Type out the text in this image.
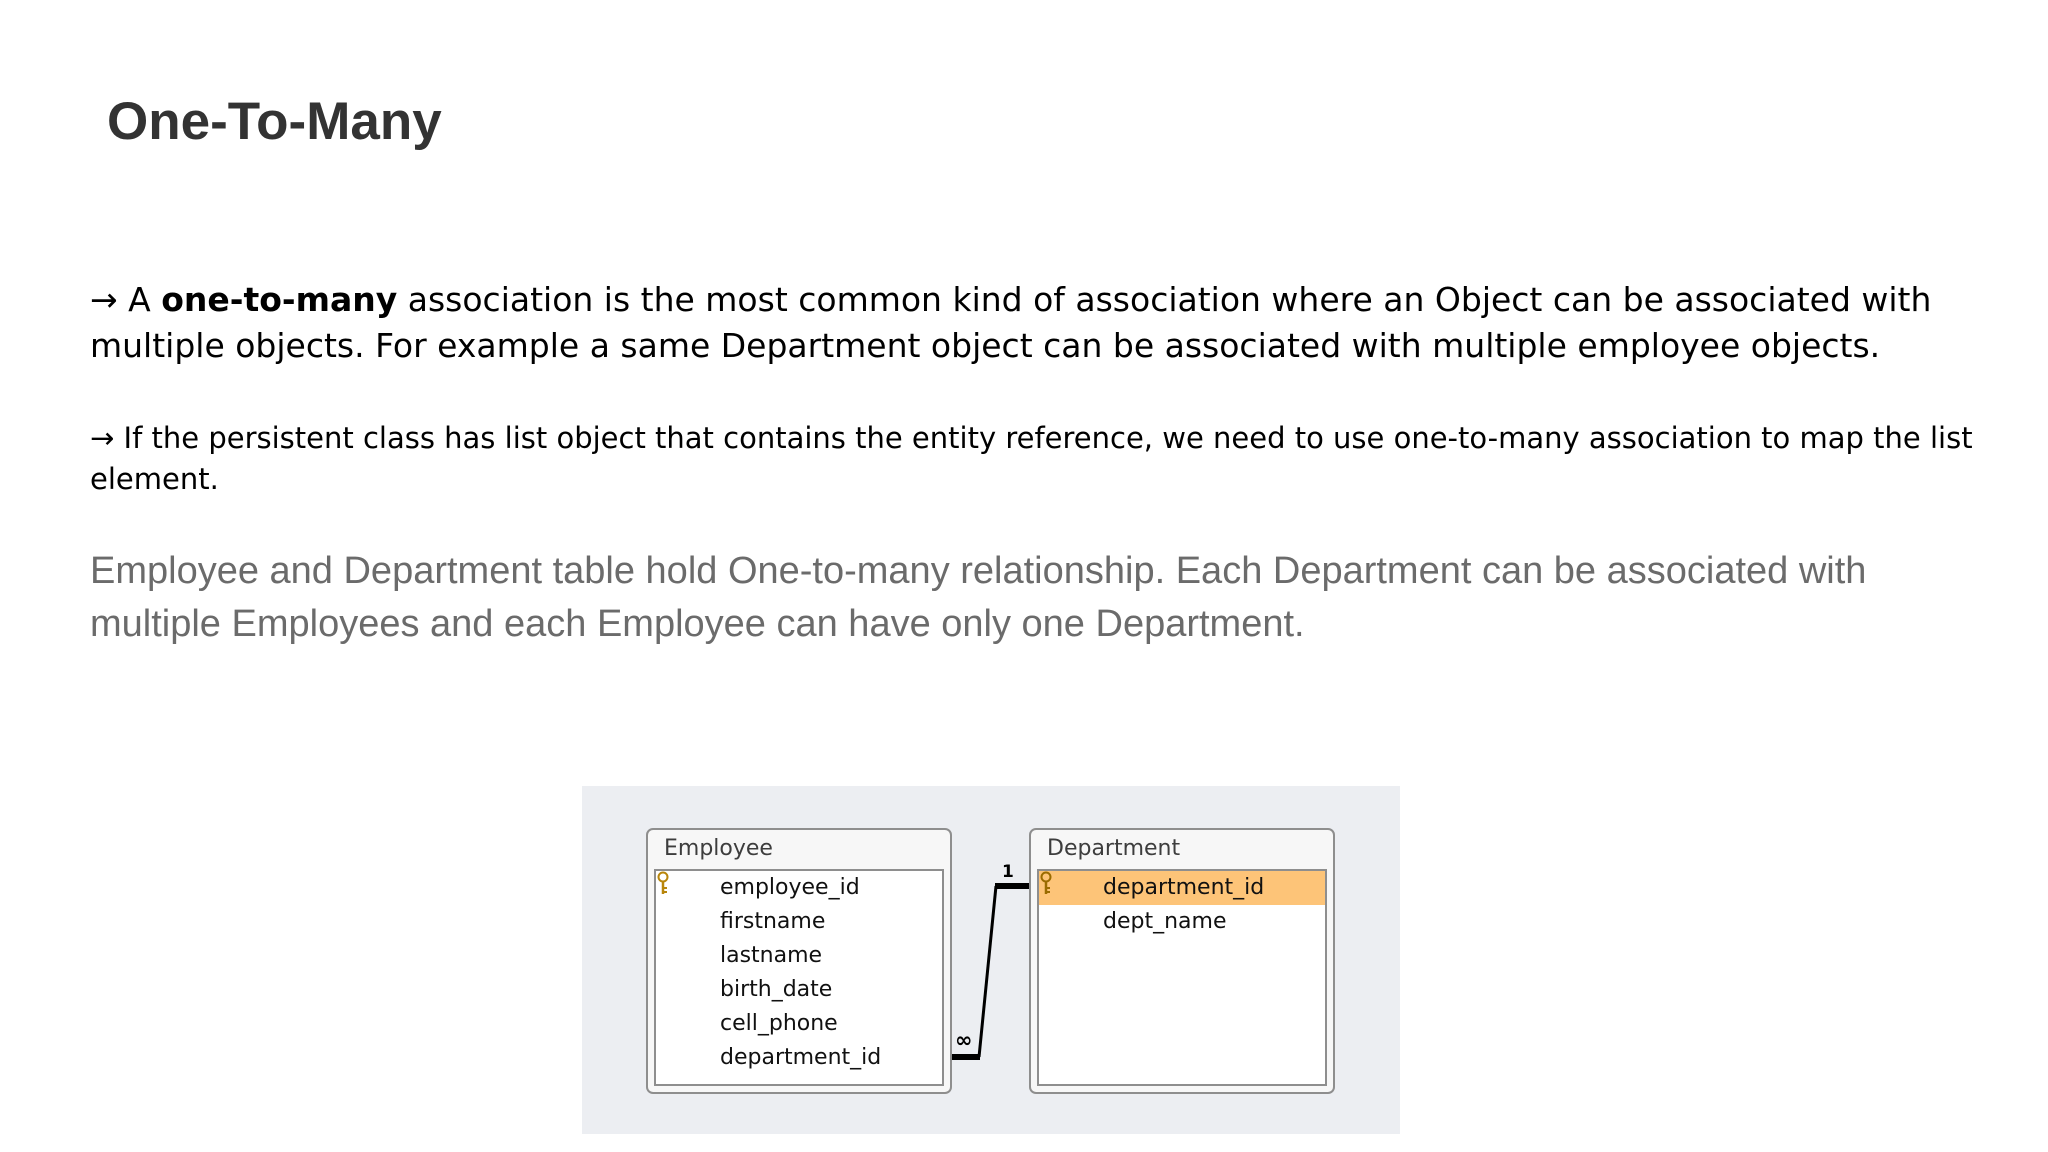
One-To-Many

→ A one-to-many association is the most common kind of association where an Object can be associated with multiple objects. For example a same Department object can be associated with multiple employee objects.

→ If the persistent class has list object that contains the entity reference, we need to use one-to-many association to map the list element.

Employee and Department table hold One-to-many relationship. Each Department can be associated with multiple Employees and each Employee can have only one Department.

1
∞
Employee
employee_id
firstname
lastname
birth_date
cell_phone
department_id
Department
department_id
dept_name
